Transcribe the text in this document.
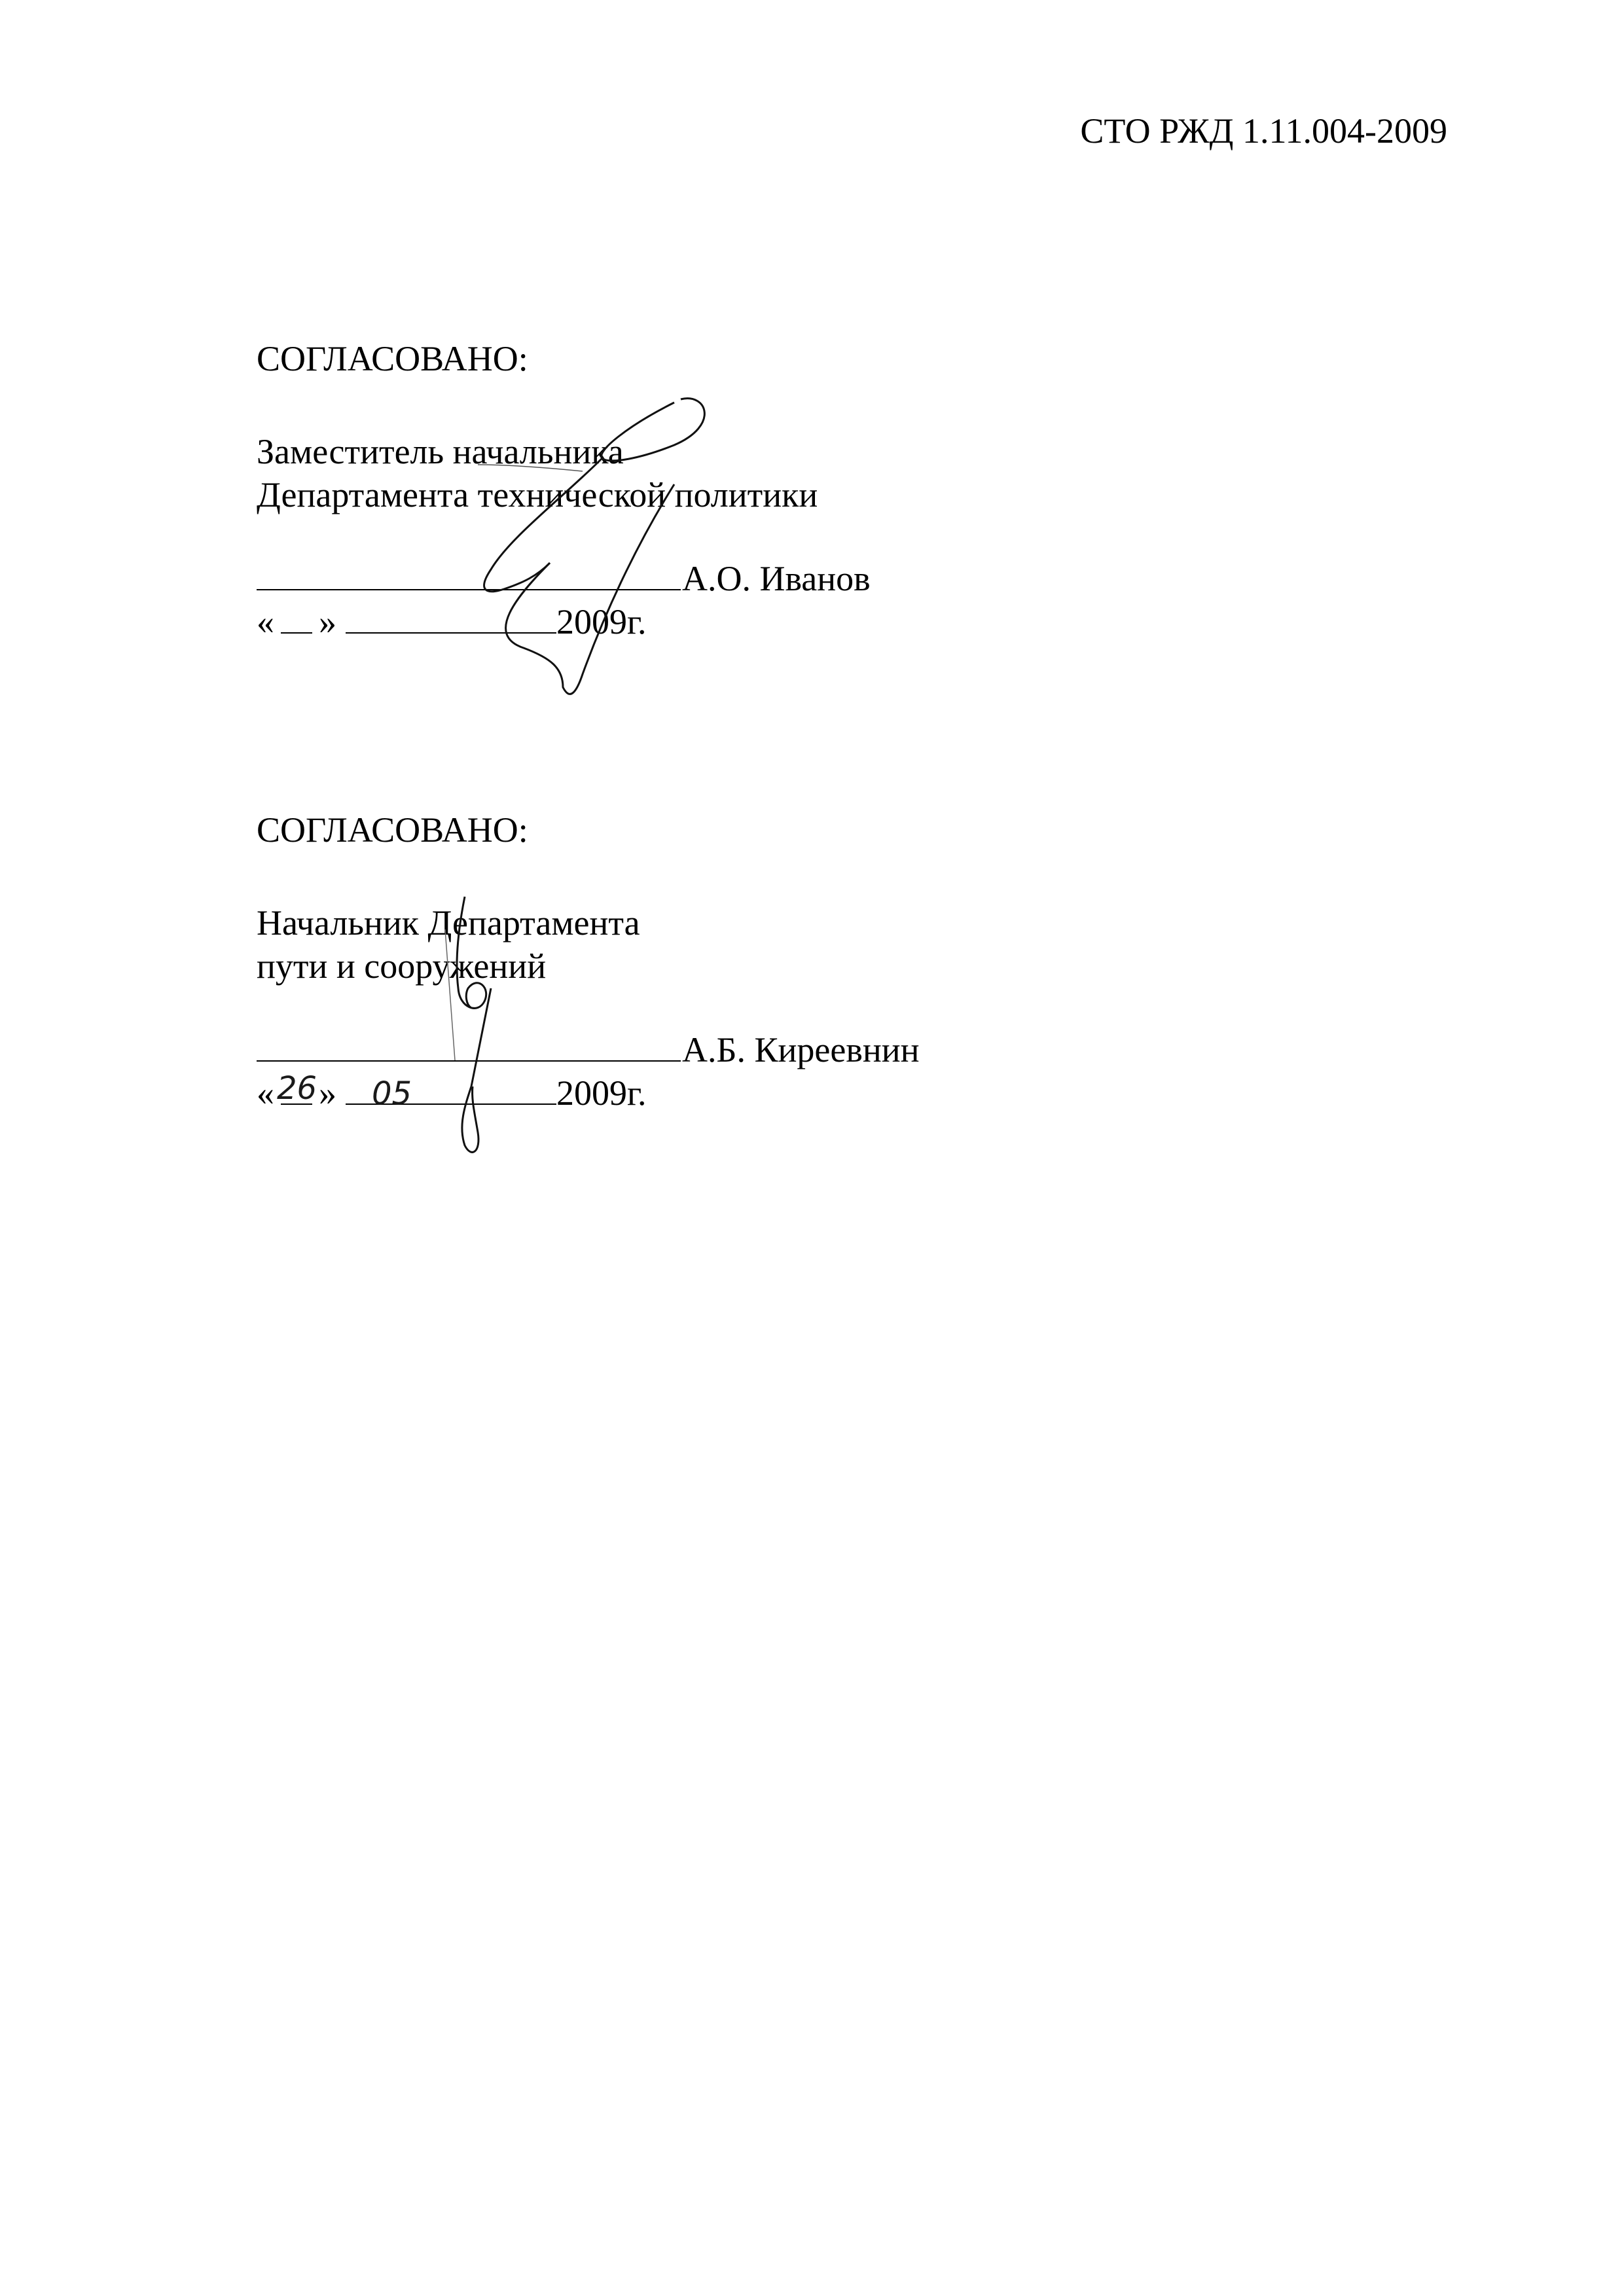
СТО РЖД 1.11.004-2009
СОГЛАСОВАНО:
Заместитель начальника
Департамента технической политики
А.О. Иванов
« »	2009г.
СОГЛАСОВАНО:
Начальник Департамента
пути и сооружений
А.Б. Киреевнин
« 26 » 05	2009г.
